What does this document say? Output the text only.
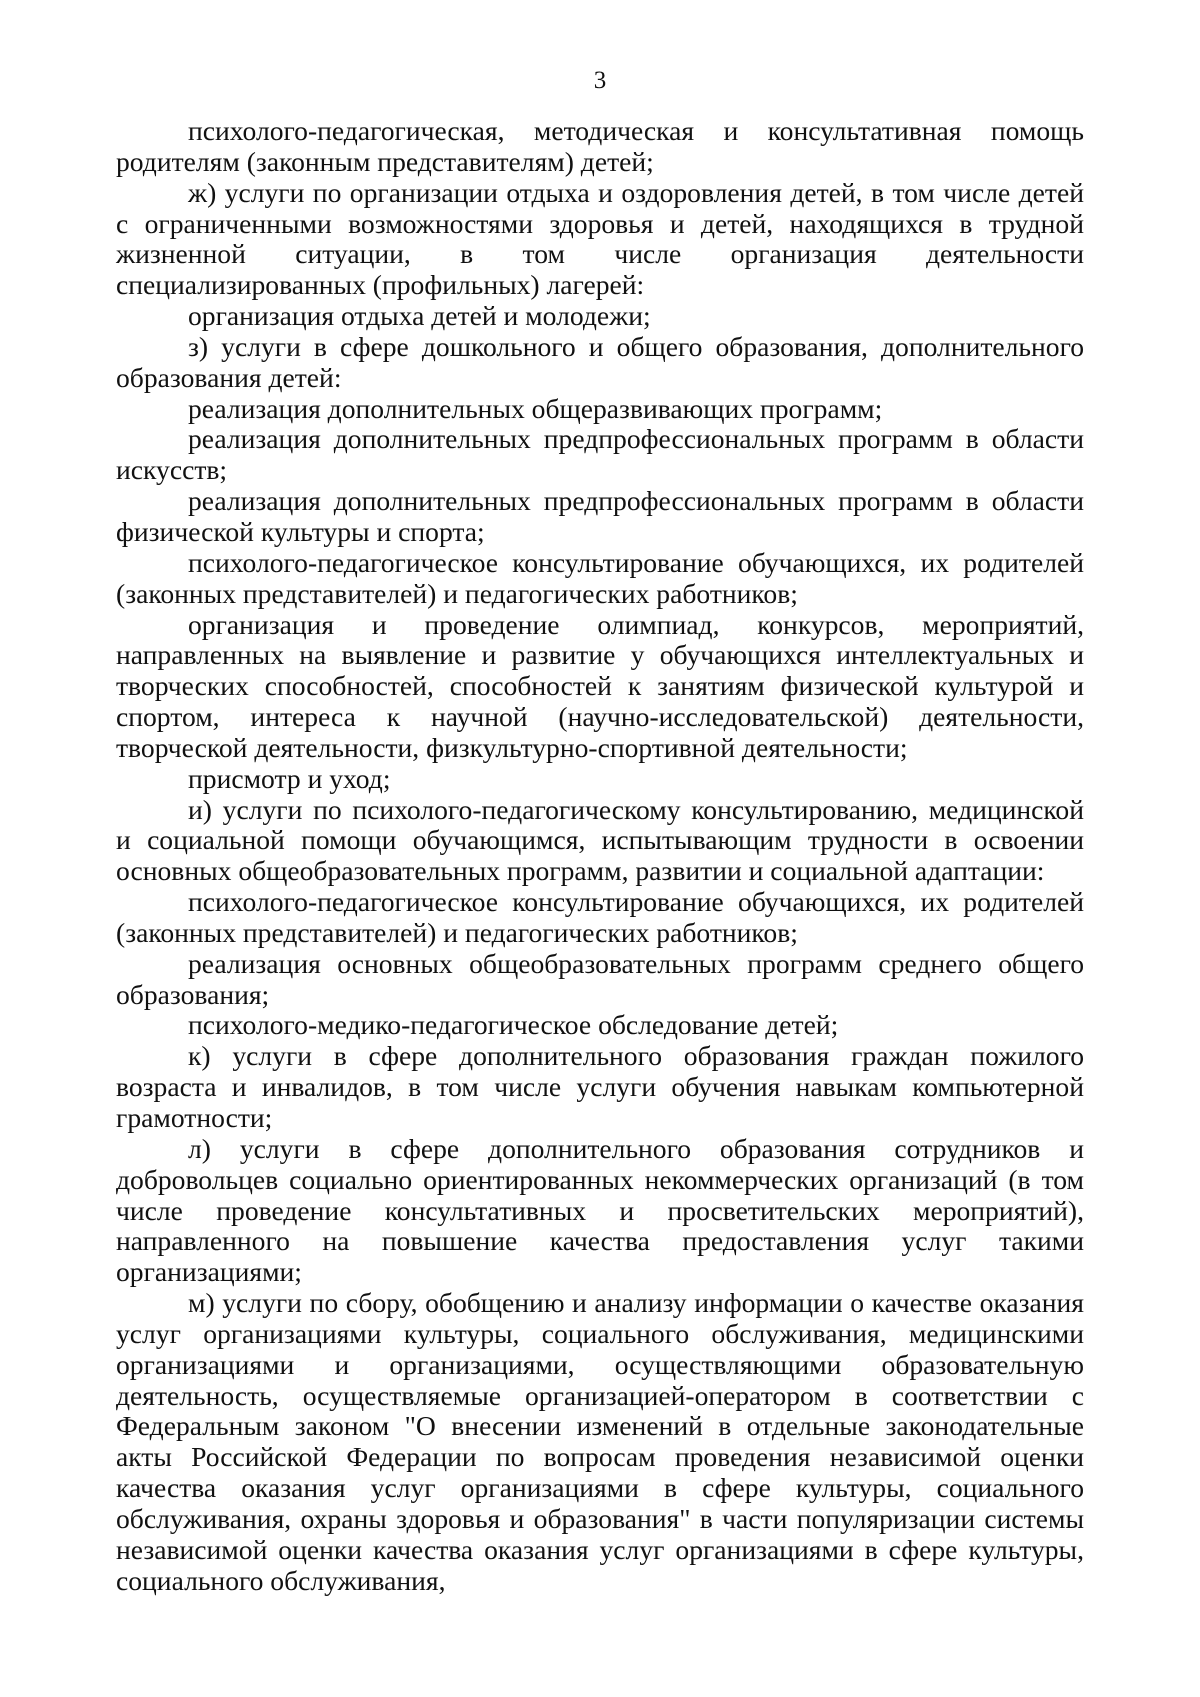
3

психолого-педагогическая, методическая и консультативная помощь родителям (законным представителям) детей;

ж) услуги по организации отдыха и оздоровления детей, в том числе детей с ограниченными возможностями здоровья и детей, находящихся в трудной жизненной ситуации, в том числе организация деятельности специализированных (профильных) лагерей:

организация отдыха детей и молодежи;

з) услуги в сфере дошкольного и общего образования, дополнительного образования детей:

реализация дополнительных общеразвивающих программ;

реализация дополнительных предпрофессиональных программ в области искусств;

реализация дополнительных предпрофессиональных программ в области физической культуры и спорта;

психолого-педагогическое консультирование обучающихся, их родителей (законных представителей) и педагогических работников;

организация и проведение олимпиад, конкурсов, мероприятий, направленных на выявление и развитие у обучающихся интеллектуальных и творческих способностей, способностей к занятиям физической культурой и спортом, интереса к научной (научно-исследовательской) деятельности, творческой деятельности, физкультурно-спортивной деятельности;

присмотр и уход;

и) услуги по психолого-педагогическому консультированию, медицинской и социальной помощи обучающимся, испытывающим трудности в освоении основных общеобразовательных программ, развитии и социальной адаптации:

психолого-педагогическое консультирование обучающихся, их родителей (законных представителей) и педагогических работников;

реализация основных общеобразовательных программ среднего общего образования;

психолого-медико-педагогическое обследование детей;

к) услуги в сфере дополнительного образования граждан пожилого возраста и инвалидов, в том числе услуги обучения навыкам компьютерной грамотности;

л) услуги в сфере дополнительного образования сотрудников и добровольцев социально ориентированных некоммерческих организаций (в том числе проведение консультативных и просветительских мероприятий), направленного на повышение качества предоставления услуг такими организациями;

м) услуги по сбору, обобщению и анализу информации о качестве оказания услуг организациями культуры, социального обслуживания, медицинскими организациями и организациями, осуществляющими образовательную деятельность, осуществляемые организацией-оператором в соответствии с Федеральным законом "О внесении изменений в отдельные законодательные акты Российской Федерации по вопросам проведения независимой оценки качества оказания услуг организациями в сфере культуры, социального обслуживания, охраны здоровья и образования" в части популяризации системы независимой оценки качества оказания услуг организациями в сфере культуры, социального обслуживания,
